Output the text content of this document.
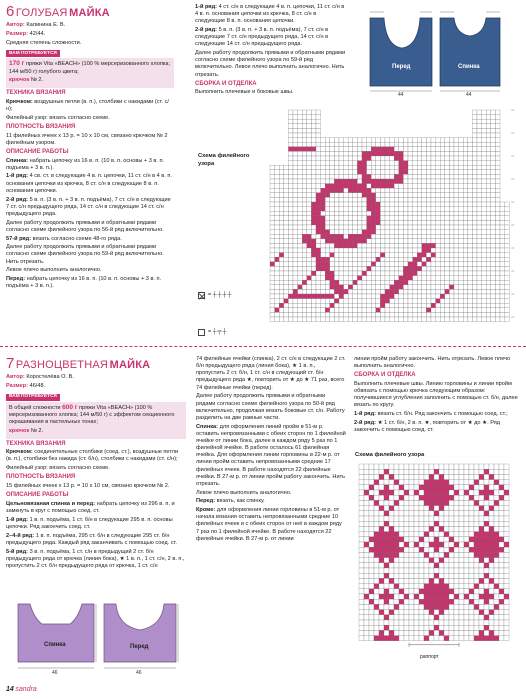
6 ГОЛУБАЯ МАЙКА

Автор: Калинина Е. В.

Размер: 42/44.

Средняя степень сложности.

ВАМ ПОТРЕБУЕТСЯ

170 г пряжи Vita «BEACH» (100 % мерсеризованного хлопка; 144 м/50 г) голубого цвета;

крючок № 2.

ТЕХНИКА ВЯЗАНИЯ

Крючком: воздушные петли (в. п.), столбики с накидами (ст. с/н);

Филейный узор: вязать согласно схеме.

ПЛОТНОСТЬ ВЯЗАНИЯ

11 филейных ячеек х 13 р. = 10 х 10 см, связано крючком № 2 филейным узором.

ОПИСАНИЕ РАБОТЫ

Спинка: набрать цепочку из 16 в. п. (10 в. п. основы + 3 в. п. подъема + 3 в. п.).

1-й ряд: 4 св. ст. в следующие 4 в. п. цепочки, 11 ст. с/н в 4 в. п. основания цепочки из крючка, 8 ст. с/н в следующие 8 в. п. основания цепочки.

2-й ряд: 5 в. п. (3 в. п. + 3 в. п. подъёма), 7 ст. с/н в следующие 7 ст. с/н предыдущего ряда, 14 ст. с/н в следующие 14 ст. с/н предыдущего ряда.

Далее работу продолжить прямыми и обратными рядами согласно схеме филейного узора по 56-й ряд включительно.

57-й ряд: вязать согласно схеме 48-го ряда.

Далее работу продолжить прямыми и обратными рядами согласно схеме филейного узора по 59-й ряд включительно. Нить отрезать.

Левое плечо выполнить аналогично.

Перед: набрать цепочку из 16 в. п. (10 в. п. основы + 3 в. п. подъёма + 3 в. п.).

1-й ряд: 4 ст. с/н в следующие 4 в. п. цепочки, 11 ст. с/н в 4 в. п. основания цепочки из крючка, 8 ст. с/н в следующие 8 в. п. основания цепочки.

2-й ряд: 5 в. п. (3 в. п. + 3 в. п. подъёма), 7 ст. с/н в следующие 7 ст. с/н предыдущего ряда, 14 ст. с/н в следующие 14 ст. с/н предыдущего ряда.

Далее работу продолжить прямыми и обратными рядами согласно схеме филейного узора по 59-й ряд включительно. Левое плечо выполнить аналогично. Нить отрезать.

СБОРКА И ОТДЕЛКА

Выполнить плечевые и боковые швы.

Схема филейного узора
Перед	Спинка
44	44
= ┼┼┼┼
= ┼╤┼
7 РАЗНОЦВЕТНАЯ МАЙКА

Автор: Коростелёва О. В.

Размер: 46/48.

ВАМ ПОТРЕБУЕТСЯ

В общей сложности 600 г пряжи Vita «BEACH» (100 % мерсеризованного хлопка; 144 м/50 г) с эффектом секционного окрашивания в пастельных тонах;

крючок № 2.

ТЕХНИКА ВЯЗАНИЯ

Крючком: соединительные столбики (соед. ст.), воздушные петли (в. п.), столбики без накида (ст. б/н), столбики с накидами (ст. с/н);

Филейный узор: вязать согласно схеме.

ПЛОТНОСТЬ ВЯЗАНИЯ

15 филейных ячеек х 13 р. = 10 х 10 см, связано крючком № 2.

ОПИСАНИЕ РАБОТЫ

Цельновязаная спинка и перед: набрать цепочку из 296 в. п. и замкнуть в круг с помощью соед. ст.

1-й ряд: 1 в. п. подъёма, 1 ст. б/н в следующие 295 в. п. основы цепочки. Ряд закончить соед. ст.

2–4-й ряд: 1 в. п. подъёма, 295 ст. б/н в следующие 295 ст. б/н предыдущего ряда. Каждый ряд заканчивать с помощью соед. ст.

5-й ряд: 3 в. п. подъёма, 1 ст. с/н в предыдущий 2 ст. б/н предыдущего ряда от крючка (линия бока), ★ 1 в. п., 1 ст. с/н, 2 в. п., пропустить 2 ст. б/н предыдущего ряда от крючка, 1 ст. с/н

Спинка	Перед
46	46

74 филейные ячейки (спинка), 2 ст. с/н в следующие 2 ст. б/н предыдущего ряда (линия бока), ★ 1 в. п., пропустить 2 ст. б/н, 1 ст. с/н в следующий ст. б/н предыдущего ряда ★, повторить от ★ до ★ 71 раз, всего 74 филейные ячейки (перед).

Далее работу продолжить прямыми и обратными рядами согласно схеме филейного узора по 50-й ряд включительно, продолжая вязать боковые ст. с/н. Работу разделить на две равные части.

Спинка: для оформления линий пройм в 51-м р. оставить непровязанными с обеих сторон по 1 филейной ячейке от линии бока, далее в каждом ряду 5 раз по 1 филейной ячейке. В работе осталось 61 филейная ячейка. Для оформления линии горловины в 22-м р. от линии пройм оставить непровязанными средние 17 филейных ячеек. В работе находятся 22 филейные ячейки. В 27-м р. от линии пройм работу закончить. Нить отрезать.

Левое плечо выполнить аналогично.

Перед: вязать, как спинку.

Кроме: для оформления линии горловины в 51-м р. от начала вязания оставить непровязанными средние 10 филейных ячеек и с обеих сторон от неё в каждом ряду 7 раз по 1 филейной ячейке. В работе находятся 22 филейные ячейки. В 27-м р. от линии

линии пройм работу закончить. Нить отрезать. Левое плечо выполнить аналогично.

СБОРКА И ОТДЕЛКА

Выполнить плечевые швы. Линию горловины и линии пройм обвязать с помощью крючка следующим образом: получившиеся углубления заполнить с помощью ст. б/н, далее вязать по кругу.

1-й ряд: вязать ст. б/н. Ряд закончить с помощью соед. ст.;

2-й ряд: ★ 1 ст. б/н, 2 в. п. ★, повторить от ★ до ★. Ряд закончить с помощью соед. ст.

Схема филейного узора
раппорт
14 sandra
